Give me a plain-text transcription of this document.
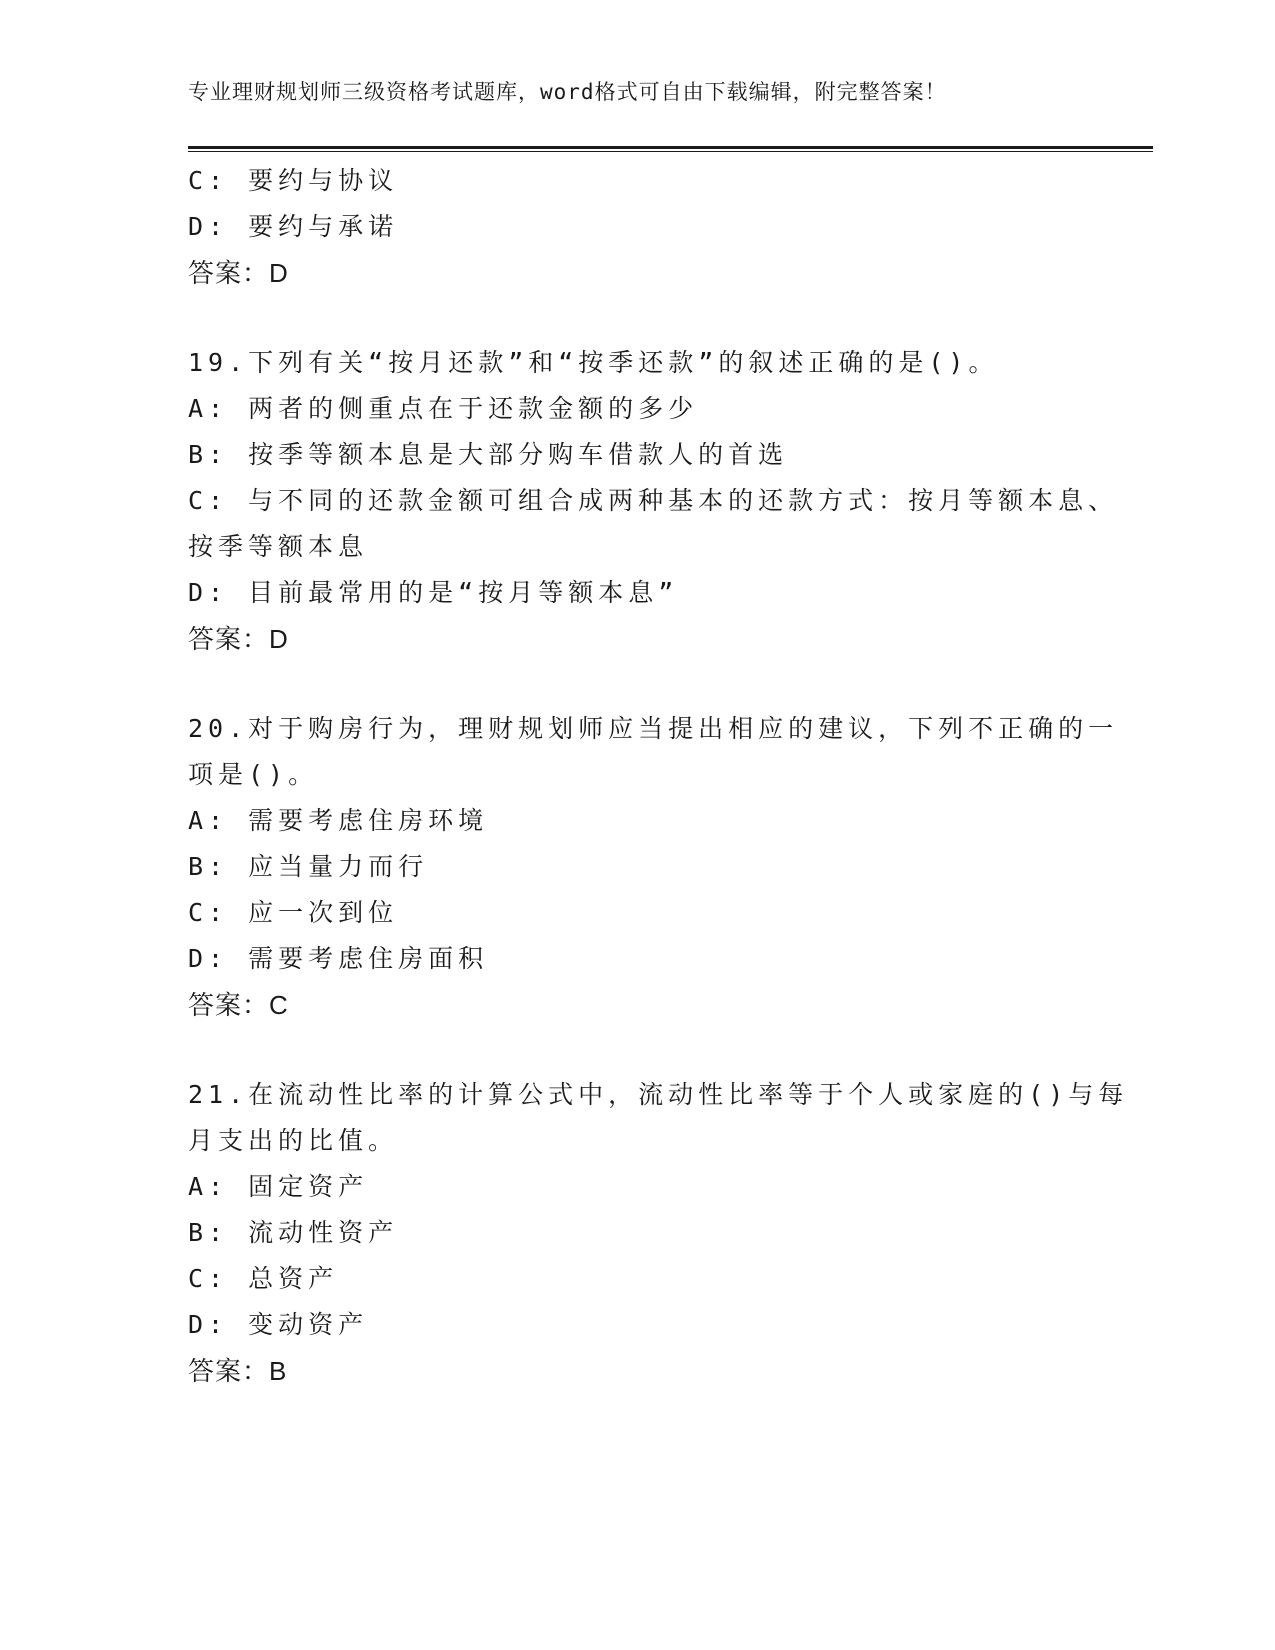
专业理财规划师三级资格考试题库，word格式可自由下载编辑，附完整答案！
C: 要约与协议
D: 要约与承诺
答案：D
19.下列有关“按月还款”和“按季还款”的叙述正确的是()。
A: 两者的侧重点在于还款金额的多少
B: 按季等额本息是大部分购车借款人的首选
C: 与不同的还款金额可组合成两种基本的还款方式：按月等额本息、
按季等额本息
D: 目前最常用的是“按月等额本息”
答案：D
20.对于购房行为，理财规划师应当提出相应的建议，下列不正确的一
项是()。
A: 需要考虑住房环境
B: 应当量力而行
C: 应一次到位
D: 需要考虑住房面积
答案：C
21.在流动性比率的计算公式中，流动性比率等于个人或家庭的()与每
月支出的比值。
A: 固定资产
B: 流动性资产
C: 总资产
D: 变动资产
答案：B
